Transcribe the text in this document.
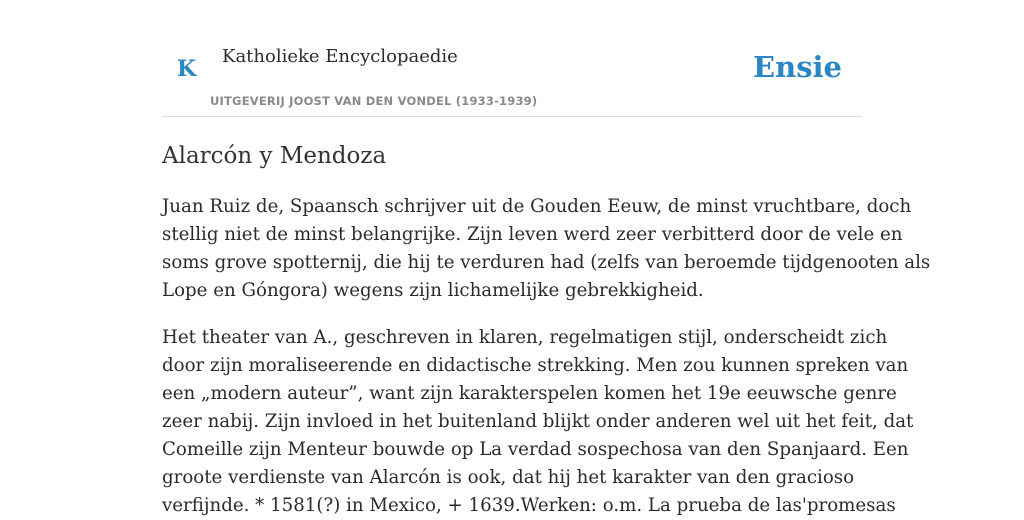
K Katholieke Encyclopaedie
UITGEVERIJ JOOST VAN DEN VONDEL (1933-1939)
Ensie
Alarcón y Mendoza

Juan Ruiz de, Spaansch schrijver uit de Gouden Eeuw, de minst vruchtbare, doch
stellig niet de minst belangrijke. Zijn leven werd zeer verbitterd door de vele en
soms grove spotternij, die hij te verduren had (zelfs van beroemde tijdgenooten als
Lope en Góngora) wegens zijn lichamelijke gebrekkigheid.

Het theater van A., geschreven in klaren, regelmatigen stijl, onderscheidt zich
door zijn moraliseerende en didactische strekking. Men zou kunnen spreken van
een „modern auteur”, want zijn karakterspelen komen het 19e eeuwsche genre
zeer nabij. Zijn invloed in het buitenland blijkt onder anderen wel uit het feit, dat
Comeille zijn Menteur bouwde op La verdad sospechosa van den Spanjaard. Een
groote verdienste van Alarcón is ook, dat hij het karakter van den gracioso
verfijnde. * 1581(?) in Mexico, + 1639.Werken: o.m. La prueba de las'promesas
